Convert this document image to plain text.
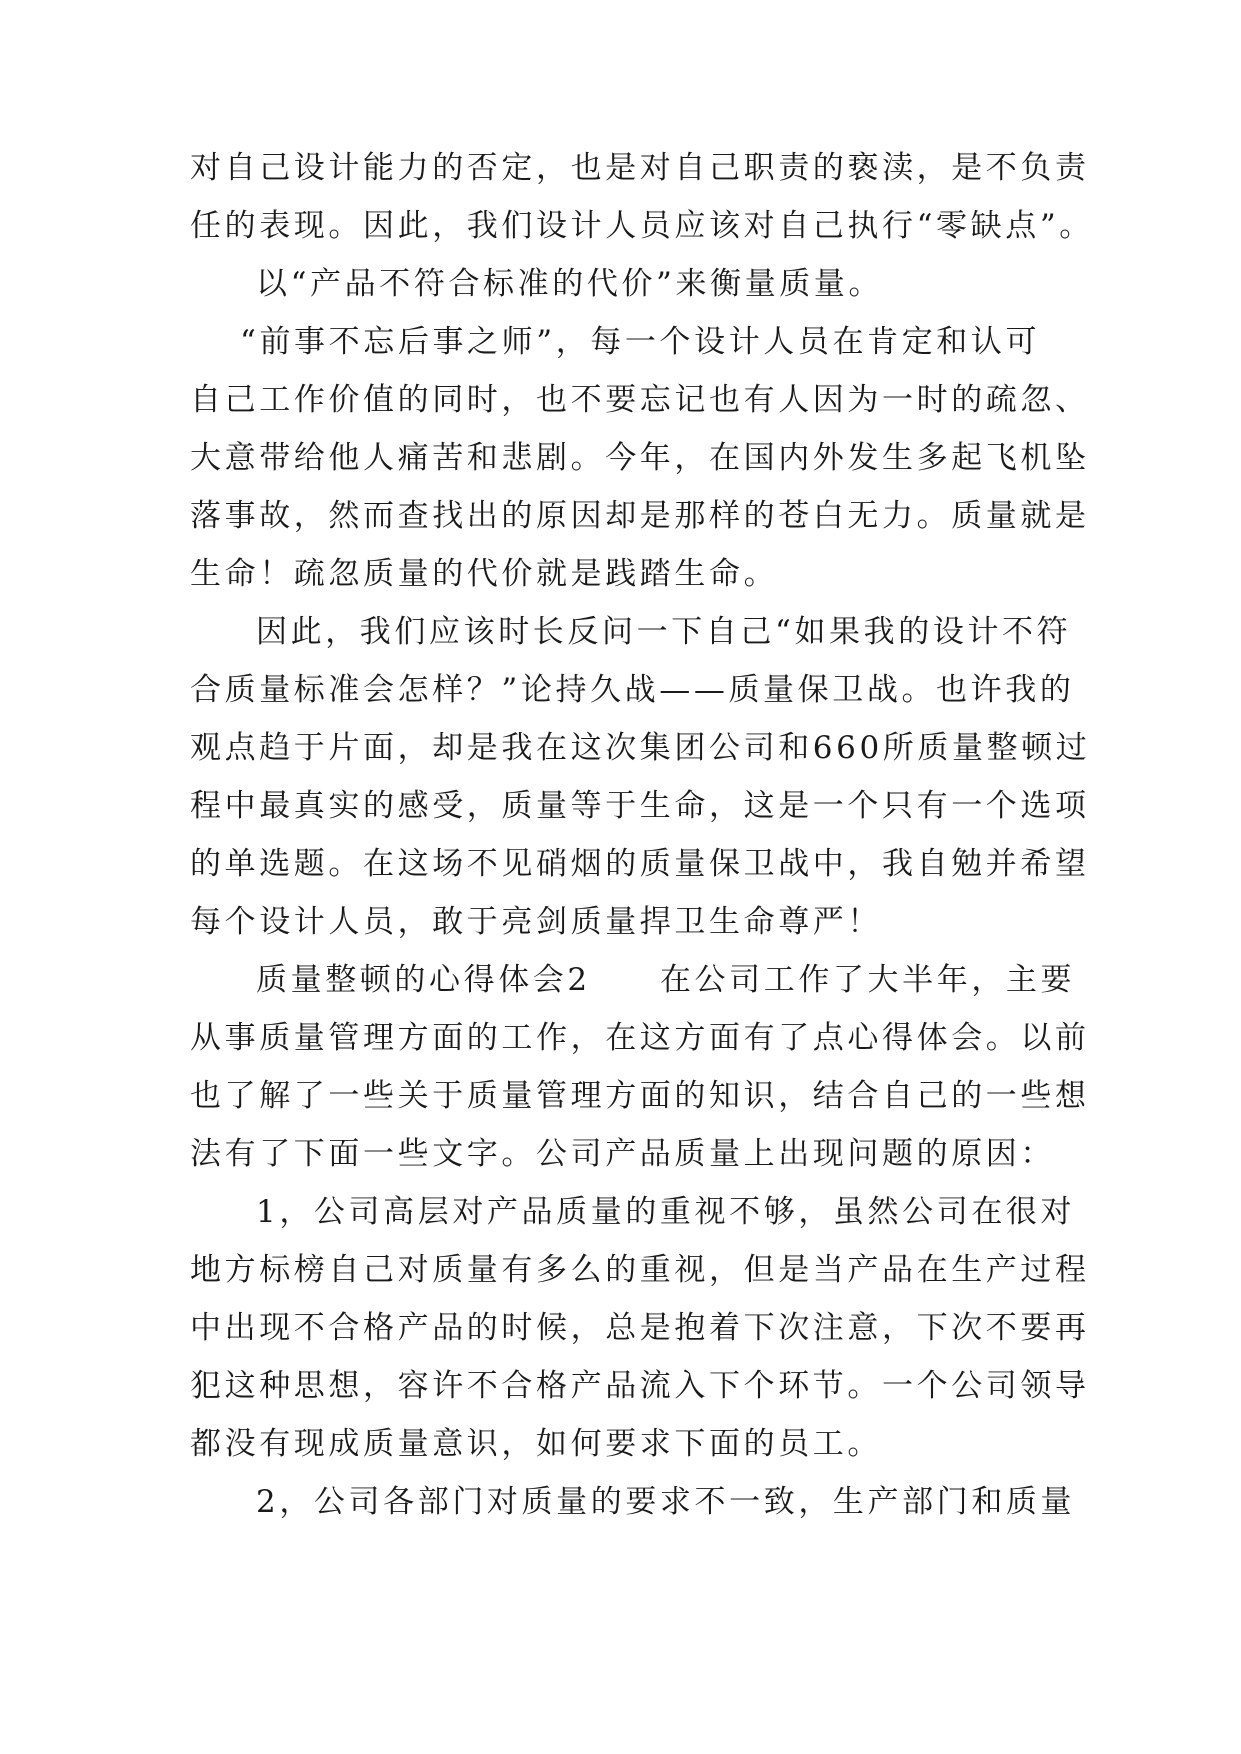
对自己设计能力的否定，也是对自己职责的亵渎，是不负责
任的表现。因此，我们设计人员应该对自己执行“零缺点”。
以“产品不符合标准的代价”来衡量质量。
“前事不忘后事之师”，每一个设计人员在肯定和认可
自己工作价值的同时，也不要忘记也有人因为一时的疏忽、
大意带给他人痛苦和悲剧。今年，在国内外发生多起飞机坠
落事故，然而查找出的原因却是那样的苍白无力。质量就是
生命！疏忽质量的代价就是践踏生命。
因此，我们应该时长反问一下自己“如果我的设计不符
合质量标准会怎样？”论持久战——质量保卫战。也许我的
观点趋于片面，却是我在这次集团公司和660所质量整顿过
程中最真实的感受，质量等于生命，这是一个只有一个选项
的单选题。在这场不见硝烟的质量保卫战中，我自勉并希望
每个设计人员，敢于亮剑质量捍卫生命尊严！
质量整顿的心得体会2　　在公司工作了大半年，主要
从事质量管理方面的工作，在这方面有了点心得体会。以前
也了解了一些关于质量管理方面的知识，结合自己的一些想
法有了下面一些文字。公司产品质量上出现问题的原因：
1，公司高层对产品质量的重视不够，虽然公司在很对
地方标榜自己对质量有多么的重视，但是当产品在生产过程
中出现不合格产品的时候，总是抱着下次注意，下次不要再
犯这种思想，容许不合格产品流入下个环节。一个公司领导
都没有现成质量意识，如何要求下面的员工。
2，公司各部门对质量的要求不一致，生产部门和质量
